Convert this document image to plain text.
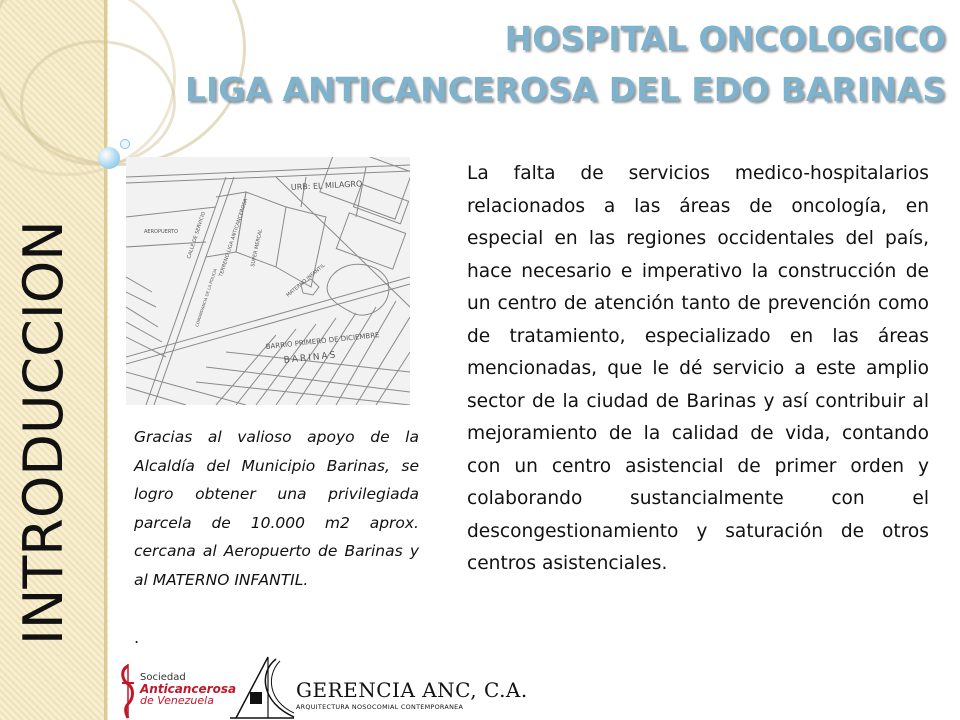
HOSPITAL ONCOLOGICO
LIGA ANTICANCEROSA DEL EDO BARINAS
INTRODUCCION
URB: EL MILAGRO
AEROPUERTO CALLE DE SERVICIO TERRENO LIGA ANTICANCEROSA SUPER MERCAL
MATERNO INFANTIL
COMANDANCIA DE LA POLICIA
BARRIO PRIMERO DE DICIEMBRE
BARINAS

Gracias al valioso apoyo de la Alcaldía del Municipio Barinas, se logro obtener una privilegiada parcela de 10.000 m2 aprox. cercana al Aeropuerto de Barinas y al MATERNO INFANTIL.

.

La falta de servicios medico-hospitalarios relacionados a las áreas de oncología, en especial en las regiones occidentales del país, hace necesario e imperativo la construcción de un centro de atención tanto de prevención como de tratamiento, especializado en las áreas mencionadas, que le dé servicio a este amplio sector de la ciudad de Barinas y así contribuir al mejoramiento de la calidad de vida, contando con un centro asistencial de primer orden y colaborando sustancialmente con el descongestionamiento y saturación de otros centros asistenciales.

Sociedad
Anticancerosa
de Venezuela	GERENCIA ANC, C.A.
ARQUITECTURA NOSOCOMIAL CONTEMPORANEA
